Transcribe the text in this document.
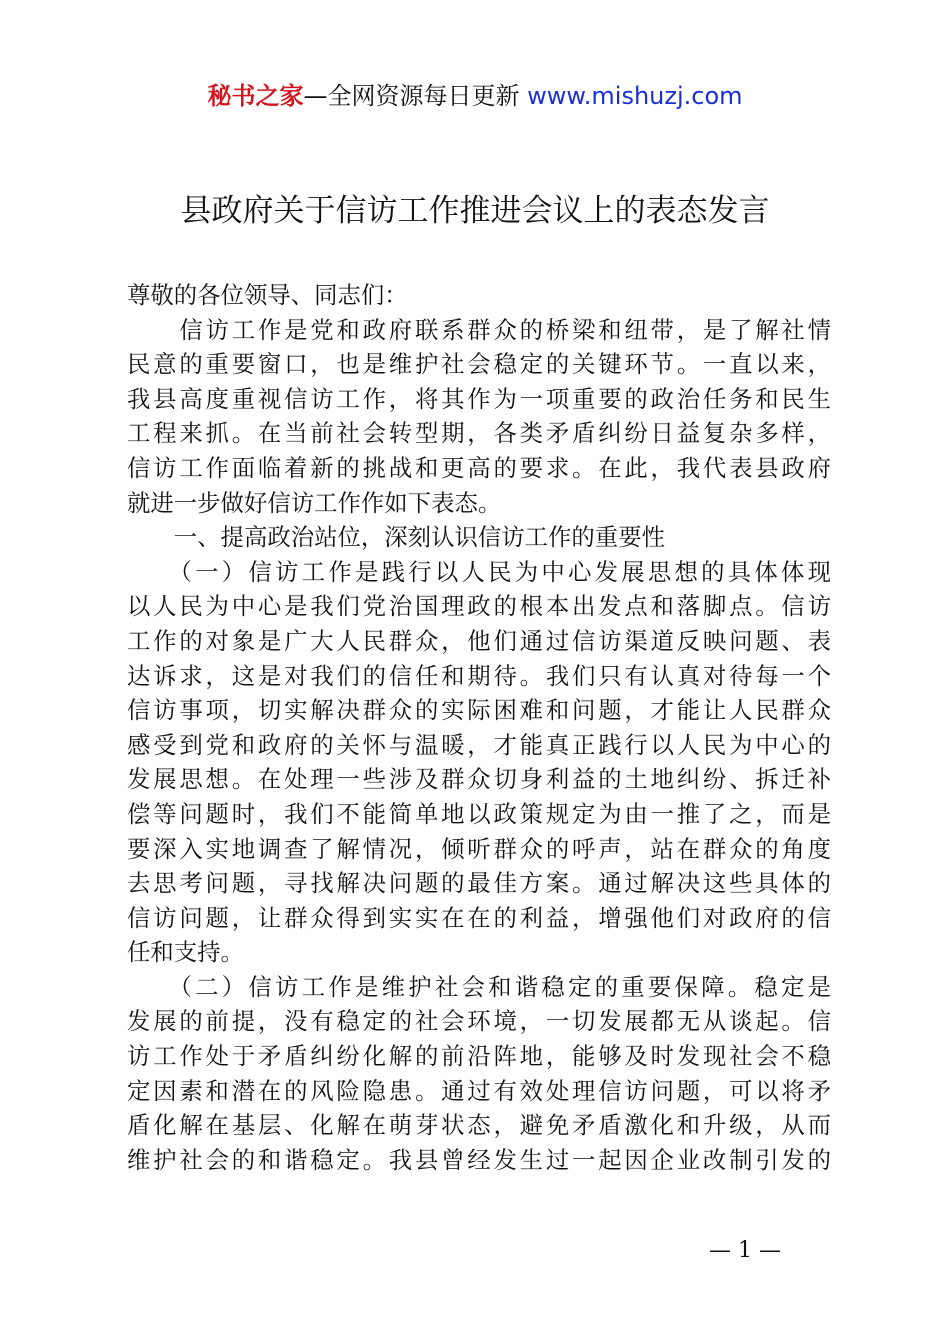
秘书之家—全网资源每日更新 www.mishuzj.com
县政府关于信访工作推进会议上的表态发言
尊敬的各位领导、同志们：
　　信访工作是党和政府联系群众的桥梁和纽带，是了解社情
民意的重要窗口，也是维护社会稳定的关键环节。一直以来，
我县高度重视信访工作，将其作为一项重要的政治任务和民生
工程来抓。在当前社会转型期，各类矛盾纠纷日益复杂多样，
信访工作面临着新的挑战和更高的要求。在此，我代表县政府
就进一步做好信访工作作如下表态。
　　一、提高政治站位，深刻认识信访工作的重要性
　　（一）信访工作是践行以人民为中心发展思想的具体体现
以人民为中心是我们党治国理政的根本出发点和落脚点。信访
工作的对象是广大人民群众，他们通过信访渠道反映问题、表
达诉求，这是对我们的信任和期待。我们只有认真对待每一个
信访事项，切实解决群众的实际困难和问题，才能让人民群众
感受到党和政府的关怀与温暖，才能真正践行以人民为中心的
发展思想。在处理一些涉及群众切身利益的土地纠纷、拆迁补
偿等问题时，我们不能简单地以政策规定为由一推了之，而是
要深入实地调查了解情况，倾听群众的呼声，站在群众的角度
去思考问题，寻找解决问题的最佳方案。通过解决这些具体的
信访问题，让群众得到实实在在的利益，增强他们对政府的信
任和支持。
　　（二）信访工作是维护社会和谐稳定的重要保障。稳定是
发展的前提，没有稳定的社会环境，一切发展都无从谈起。信
访工作处于矛盾纠纷化解的前沿阵地，能够及时发现社会不稳
定因素和潜在的风险隐患。通过有效处理信访问题，可以将矛
盾化解在基层、化解在萌芽状态，避免矛盾激化和升级，从而
维护社会的和谐稳定。我县曾经发生过一起因企业改制引发的
— 1 —
